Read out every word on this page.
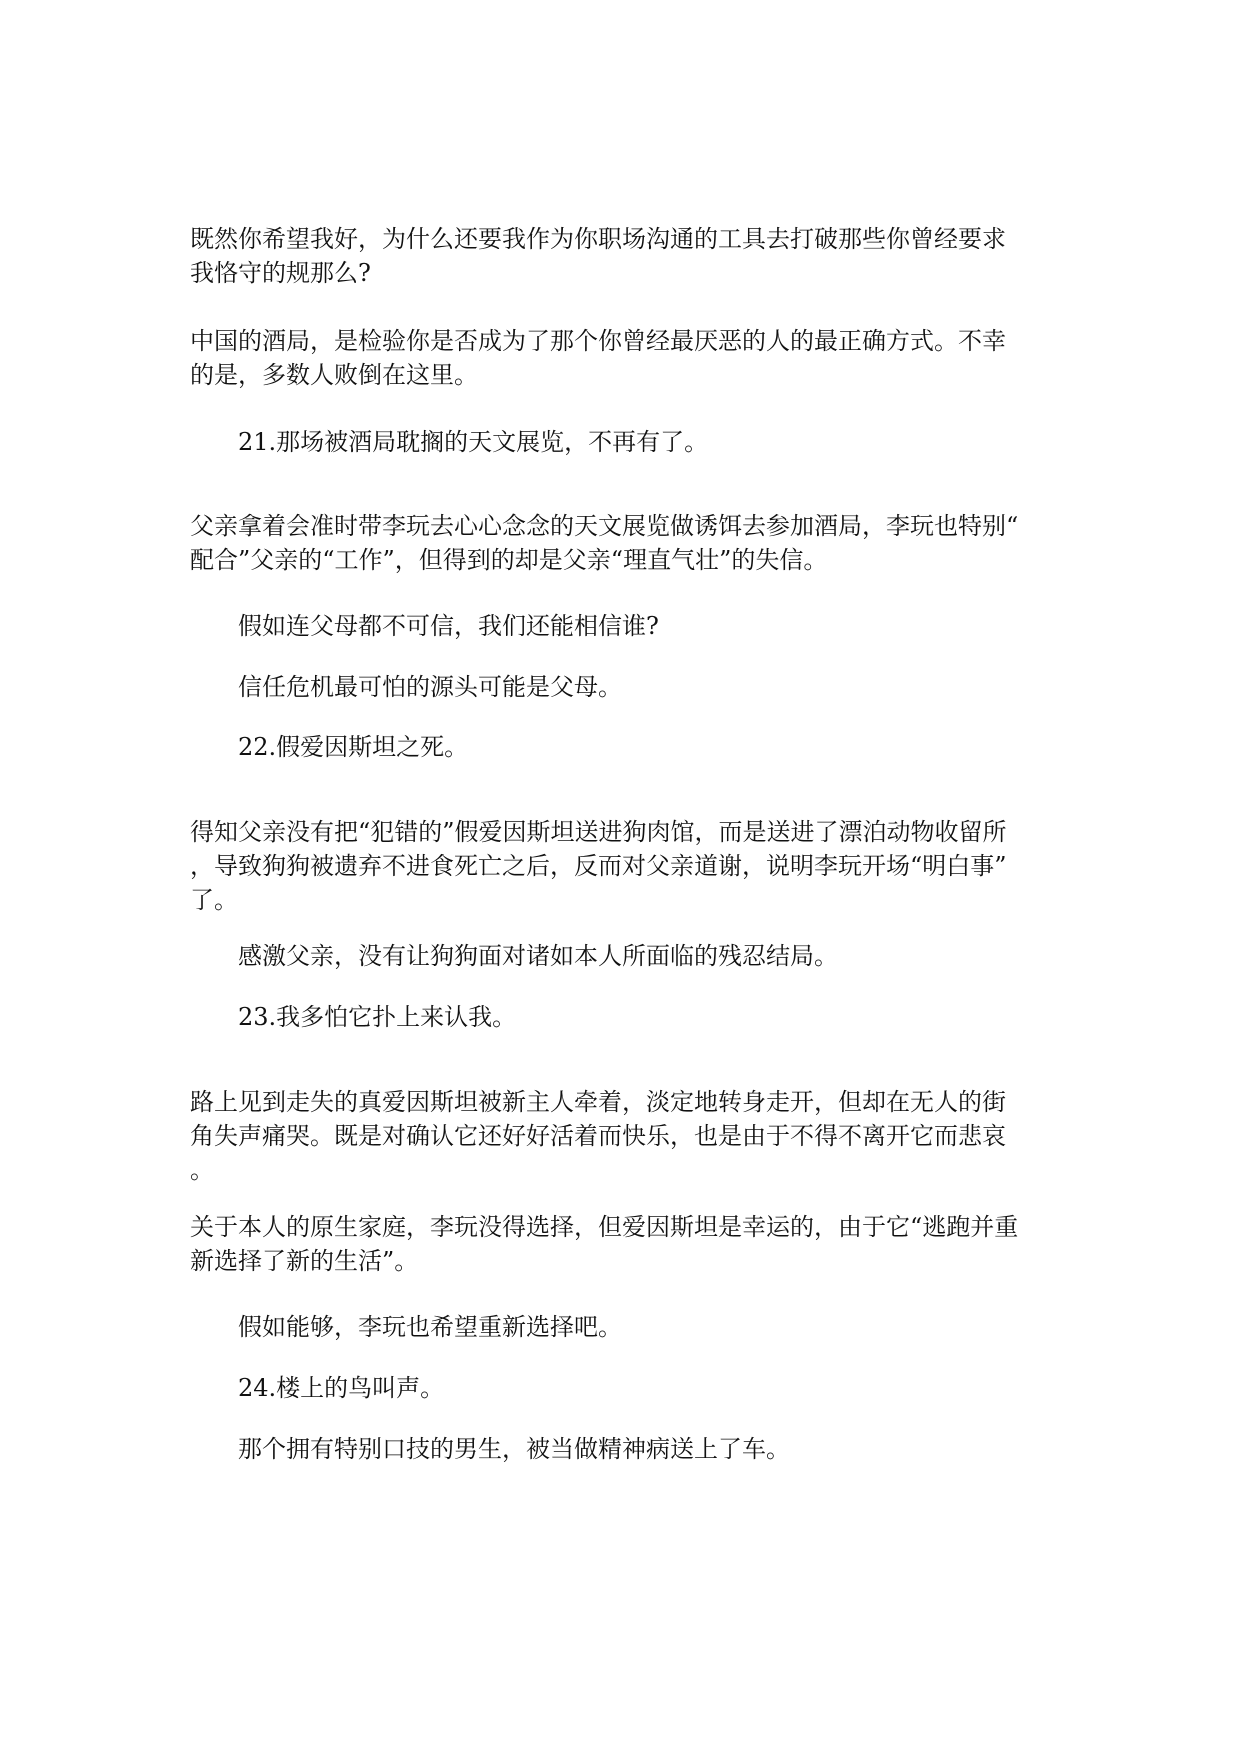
既然你希望我好，为什么还要我作为你职场沟通的工具去打破那些你曾经要求
我恪守的规那么?

中国的酒局，是检验你是否成为了那个你曾经最厌恶的人的最正确方式。不幸
的是，多数人败倒在这里。

21.那场被酒局耽搁的天文展览，不再有了。

父亲拿着会准时带李玩去心心念念的天文展览做诱饵去参加酒局，李玩也特别“
配合”父亲的“工作”，但得到的却是父亲“理直气壮”的失信。

假如连父母都不可信，我们还能相信谁?

信任危机最可怕的源头可能是父母。

22.假爱因斯坦之死。

得知父亲没有把“犯错的”假爱因斯坦送进狗肉馆，而是送进了漂泊动物收留所
，导致狗狗被遗弃不进食死亡之后，反而对父亲道谢，说明李玩开场“明白事”
了。

感激父亲，没有让狗狗面对诸如本人所面临的残忍结局。

23.我多怕它扑上来认我。

路上见到走失的真爱因斯坦被新主人牵着，淡定地转身走开，但却在无人的街
角失声痛哭。既是对确认它还好好活着而快乐，也是由于不得不离开它而悲哀
。

关于本人的原生家庭，李玩没得选择，但爱因斯坦是幸运的，由于它“逃跑并重
新选择了新的生活”。

假如能够，李玩也希望重新选择吧。

24.楼上的鸟叫声。

那个拥有特别口技的男生，被当做精神病送上了车。
